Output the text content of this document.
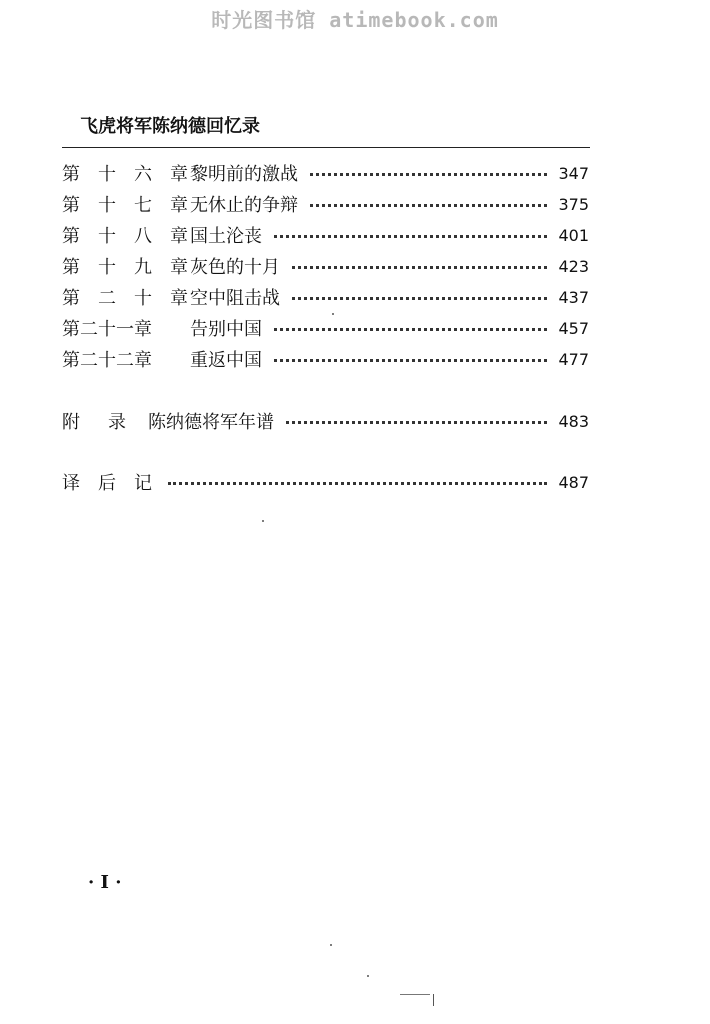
时光图书馆 atimebook.com
飞虎将军陈纳德回忆录
第 十 六 章 黎明前的激战	347
第 十 七 章 无休止的争辩	375
第 十 八 章 国土沦丧	401
第 十 九 章 灰色的十月	423
第 二 十 章 空中阻击战	437
第二十一章 告别中国	457
第二十二章 重返中国	477
附 录 陈纳德将军年谱	483
译 后 记	487
· I ·
